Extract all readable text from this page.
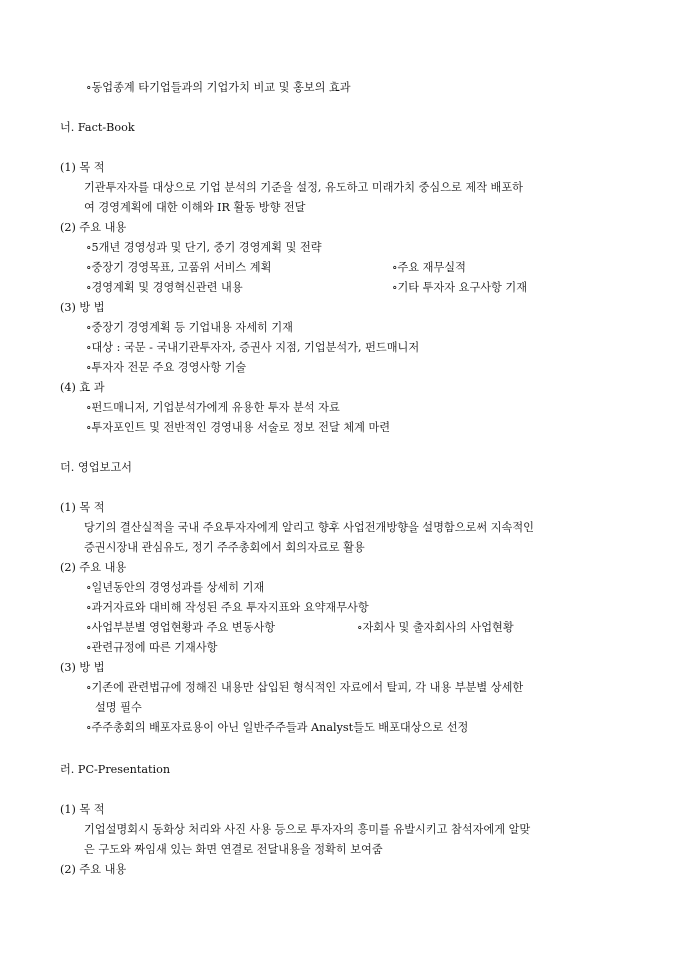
∘동업종계 타기업들과의 기업가치 비교 및 홍보의 효과
너. Fact-Book
(1) 목 적
기관투자자를 대상으로 기업 분석의 기준을 설정, 유도하고 미래가치 중심으로 제작 배포하
여 경영계획에 대한 이해와 IR 활동 방향 전달
(2) 주요 내용
∘5개년 경영성과 및 단기, 중기 경영계획 및 전략
∘중장기 경영목표, 고품위 서비스 계획	∘주요 재무실적
∘경영계획 및 경영혁신관련 내용	∘기타 투자자 요구사항 기재
(3) 방 법
∘중장기 경영계획 등 기업내용 자세히 기재
∘대상 : 국문 - 국내기관투자자, 증권사 지점, 기업분석가, 펀드매니저
∘투자자 전문 주요 경영사항 기술
(4) 효 과
∘펀드매니저, 기업분석가에게 유용한 투자 분석 자료
∘투자포인트 및 전반적인 경영내용 서술로 정보 전달 체계 마련
더. 영업보고서
(1) 목 적
당기의 결산실적을 국내 주요투자자에게 알리고 향후 사업전개방향을 설명함으로써 지속적인
증권시장내 관심유도, 정기 주주총회에서 회의자료로 활용
(2) 주요 내용
∘일년동안의 경영성과를 상세히 기재
∘과거자료와 대비해 작성된 주요 투자지표와 요약재무사항
∘사업부분별 영업현황과 주요 변동사항	∘자회사 및 출자회사의 사업현황
∘관련규정에 따른 기재사항
(3) 방 법
∘기존에 관련법규에 정해진 내용만 삽입된 형식적인 자료에서 탈피, 각 내용 부분별 상세한
설명 필수
∘주주총회의 배포자료용이 아닌 일반주주들과 Analyst들도 배포대상으로 선정
러. PC-Presentation
(1) 목 적
기업설명회시 동화상 처리와 사진 사용 등으로 투자자의 흥미를 유발시키고 참석자에게 알맞
은 구도와 짜임새 있는 화면 연결로 전달내용을 정확히 보여줌
(2) 주요 내용
